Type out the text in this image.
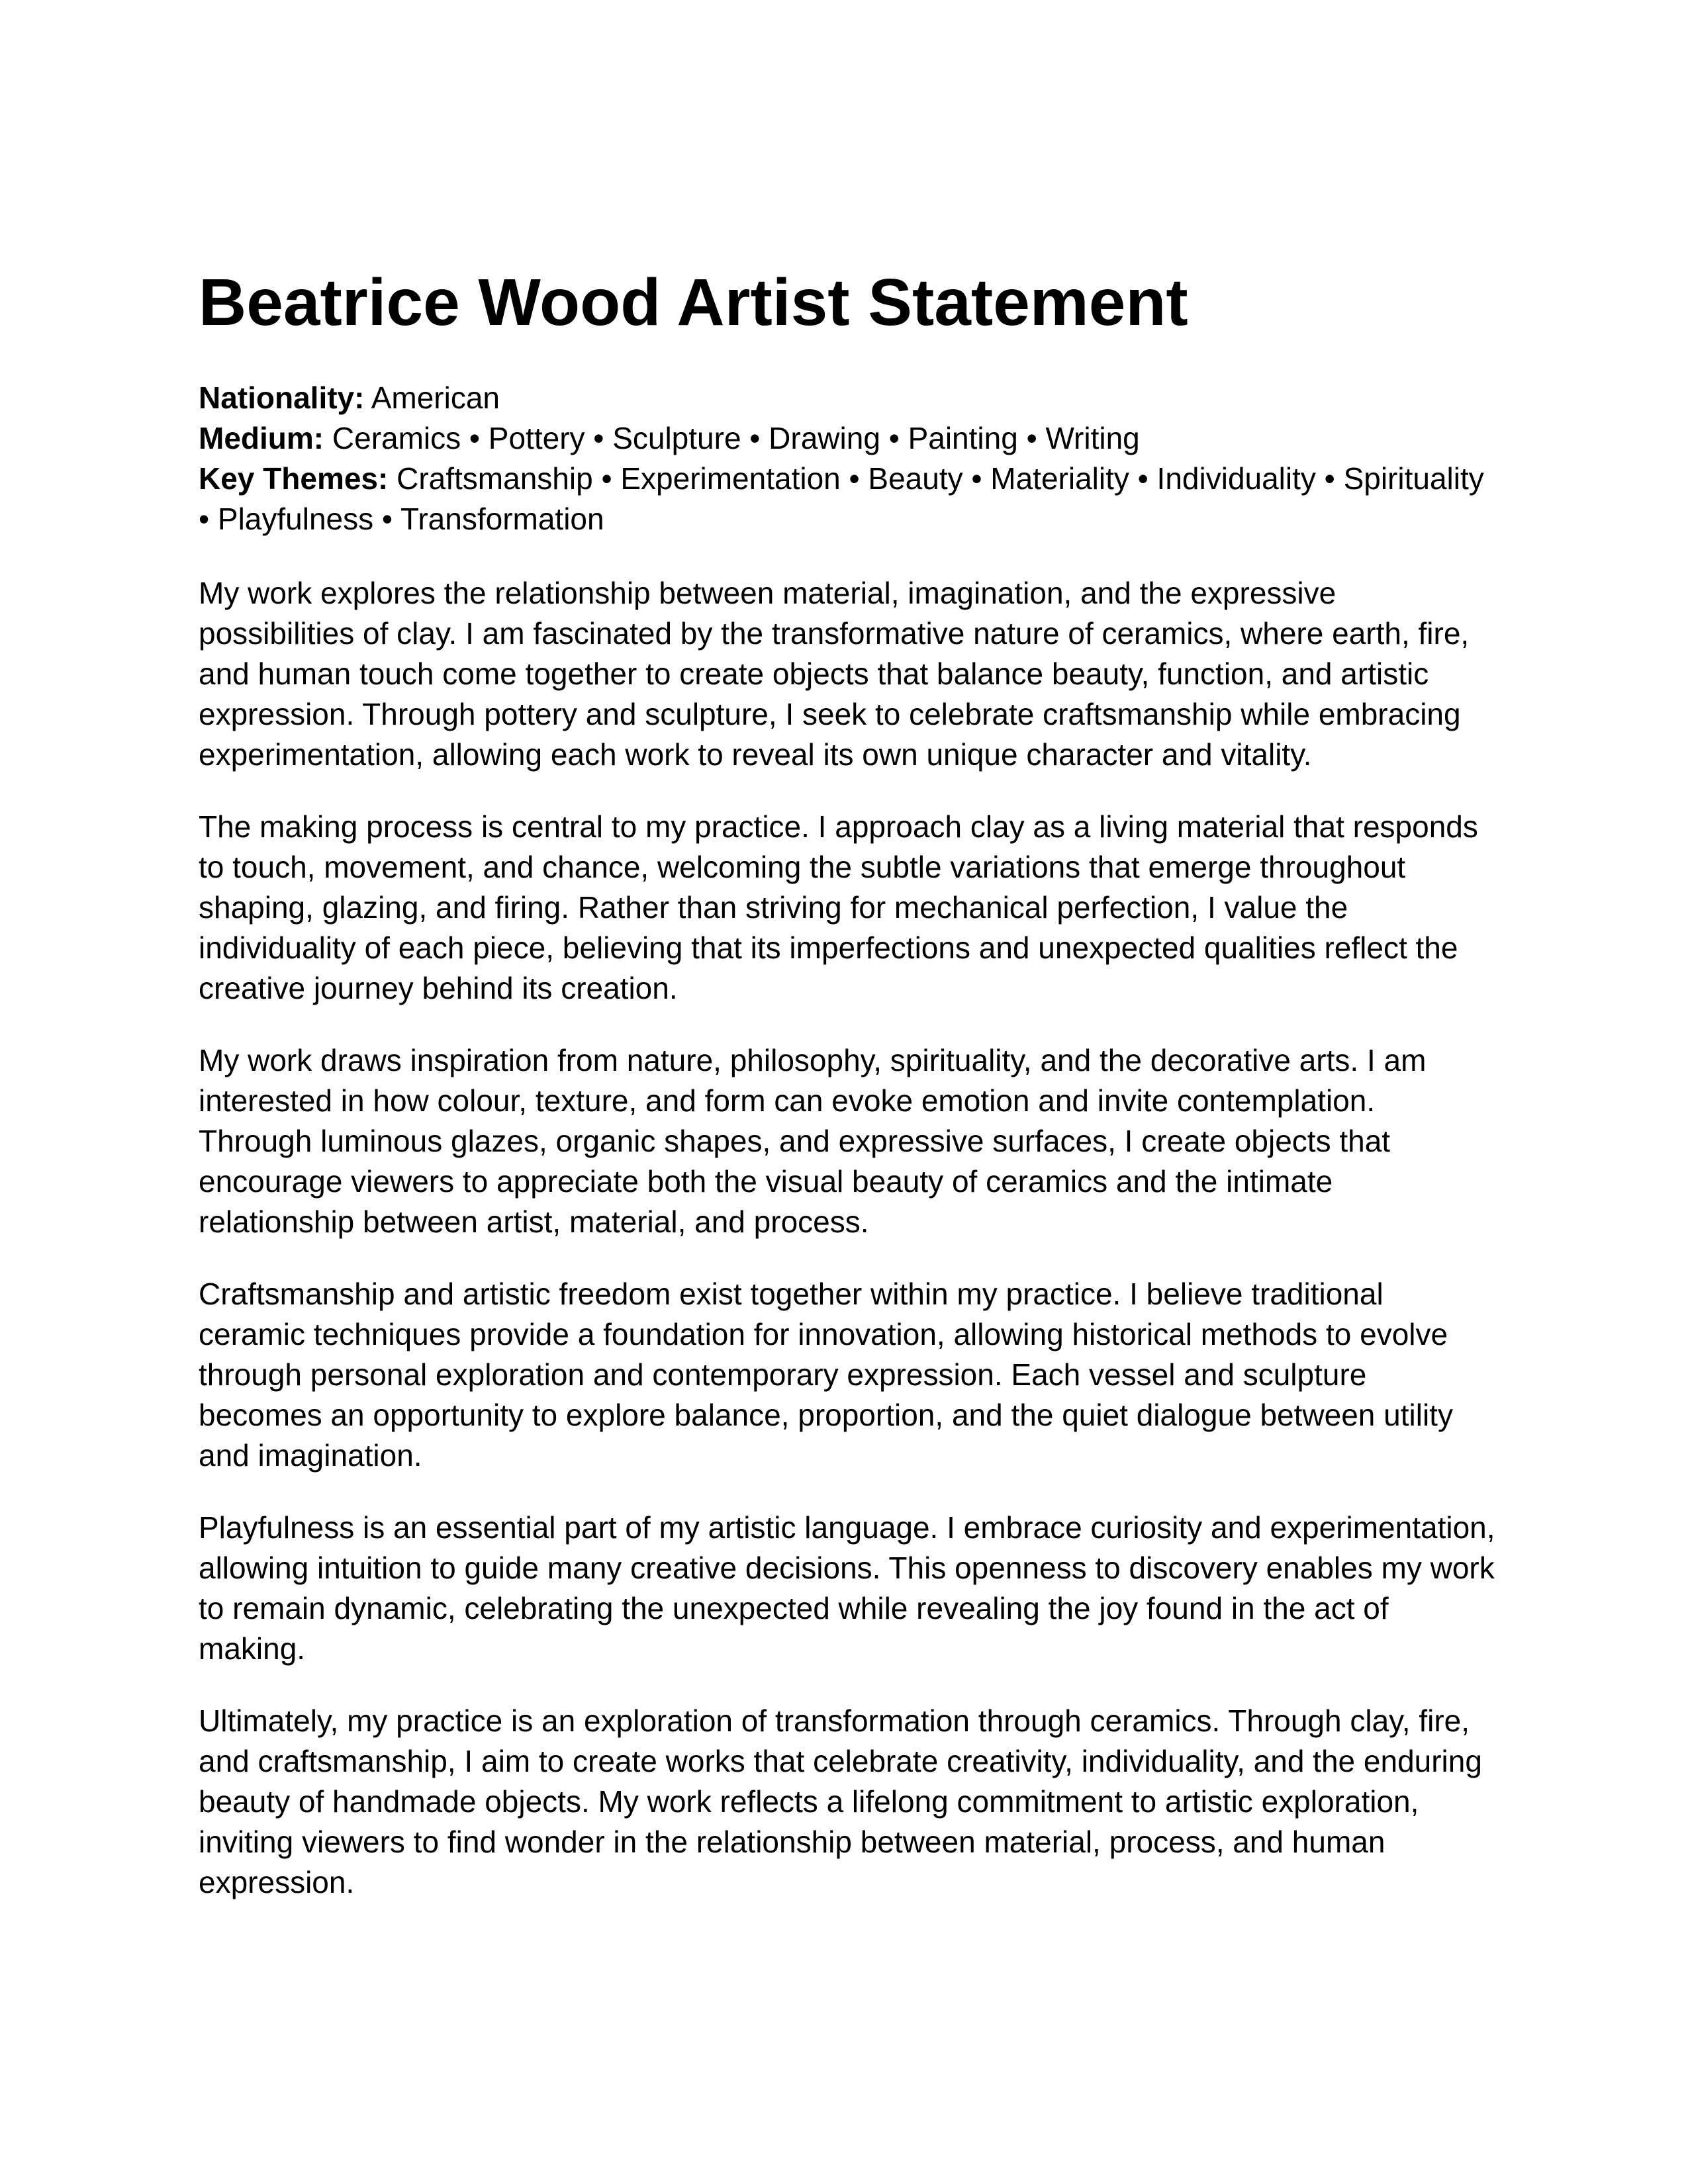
Beatrice Wood Artist Statement

Nationality: American

Medium: Ceramics • Pottery • Sculpture • Drawing • Painting • Writing

Key Themes: Craftsmanship • Experimentation • Beauty • Materiality • Individuality • Spirituality • Playfulness • Transformation

My work explores the relationship between material, imagination, and the expressive possibilities of clay. I am fascinated by the transformative nature of ceramics, where earth, fire, and human touch come together to create objects that balance beauty, function, and artistic expression. Through pottery and sculpture, I seek to celebrate craftsmanship while embracing experimentation, allowing each work to reveal its own unique character and vitality.

The making process is central to my practice. I approach clay as a living material that responds to touch, movement, and chance, welcoming the subtle variations that emerge throughout shaping, glazing, and firing. Rather than striving for mechanical perfection, I value the individuality of each piece, believing that its imperfections and unexpected qualities reflect the creative journey behind its creation.

My work draws inspiration from nature, philosophy, spirituality, and the decorative arts. I am interested in how colour, texture, and form can evoke emotion and invite contemplation. Through luminous glazes, organic shapes, and expressive surfaces, I create objects that encourage viewers to appreciate both the visual beauty of ceramics and the intimate relationship between artist, material, and process.

Craftsmanship and artistic freedom exist together within my practice. I believe traditional ceramic techniques provide a foundation for innovation, allowing historical methods to evolve through personal exploration and contemporary expression. Each vessel and sculpture becomes an opportunity to explore balance, proportion, and the quiet dialogue between utility and imagination.

Playfulness is an essential part of my artistic language. I embrace curiosity and experimentation, allowing intuition to guide many creative decisions. This openness to discovery enables my work to remain dynamic, celebrating the unexpected while revealing the joy found in the act of making.

Ultimately, my practice is an exploration of transformation through ceramics. Through clay, fire, and craftsmanship, I aim to create works that celebrate creativity, individuality, and the enduring beauty of handmade objects. My work reflects a lifelong commitment to artistic exploration, inviting viewers to find wonder in the relationship between material, process, and human expression.
